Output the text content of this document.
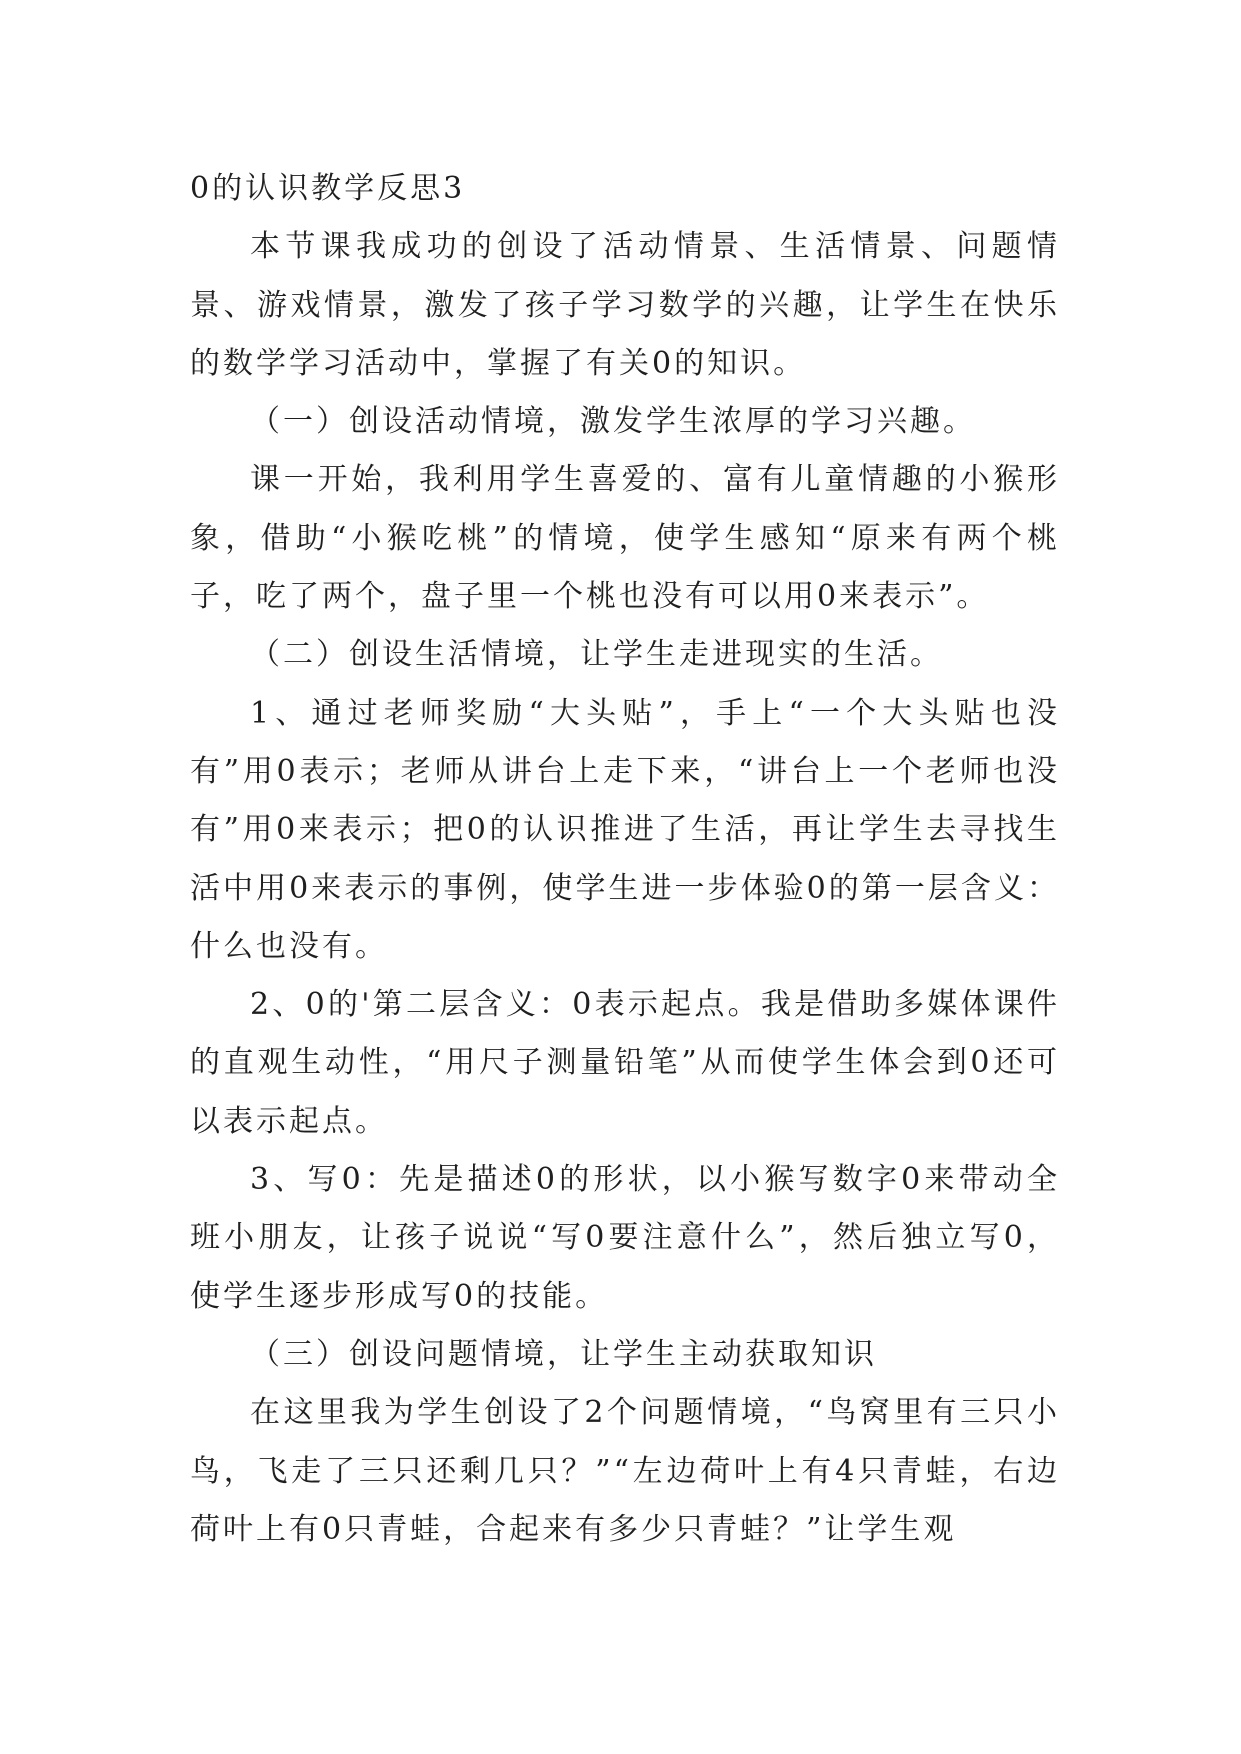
0的认识教学反思3

本节课我成功的创设了活动情景、生活情景、问题情景、游戏情景，激发了孩子学习数学的兴趣，让学生在快乐的数学学习活动中，掌握了有关0的知识。

（一）创设活动情境，激发学生浓厚的学习兴趣。

课一开始，我利用学生喜爱的、富有儿童情趣的小猴形象，借助“小猴吃桃”的情境，使学生感知“原来有两个桃子，吃了两个，盘子里一个桃也没有可以用0来表示”。

（二）创设生活情境，让学生走进现实的生活。

1、通过老师奖励“大头贴”，手上“一个大头贴也没有”用0表示；老师从讲台上走下来，“讲台上一个老师也没有”用0来表示；把0的认识推进了生活，再让学生去寻找生活中用0来表示的事例，使学生进一步体验0的第一层含义：什么也没有。

2、0的'第二层含义：0表示起点。我是借助多媒体课件的直观生动性，“用尺子测量铅笔”从而使学生体会到0还可以表示起点。

3、写0：先是描述0的形状，以小猴写数字0来带动全班小朋友，让孩子说说“写0要注意什么”，然后独立写0，使学生逐步形成写0的技能。

（三）创设问题情境，让学生主动获取知识

在这里我为学生创设了2个问题情境，“鸟窝里有三只小鸟，飞走了三只还剩几只？”“左边荷叶上有4只青蛙，右边荷叶上有0只青蛙，合起来有多少只青蛙？”让学生观
